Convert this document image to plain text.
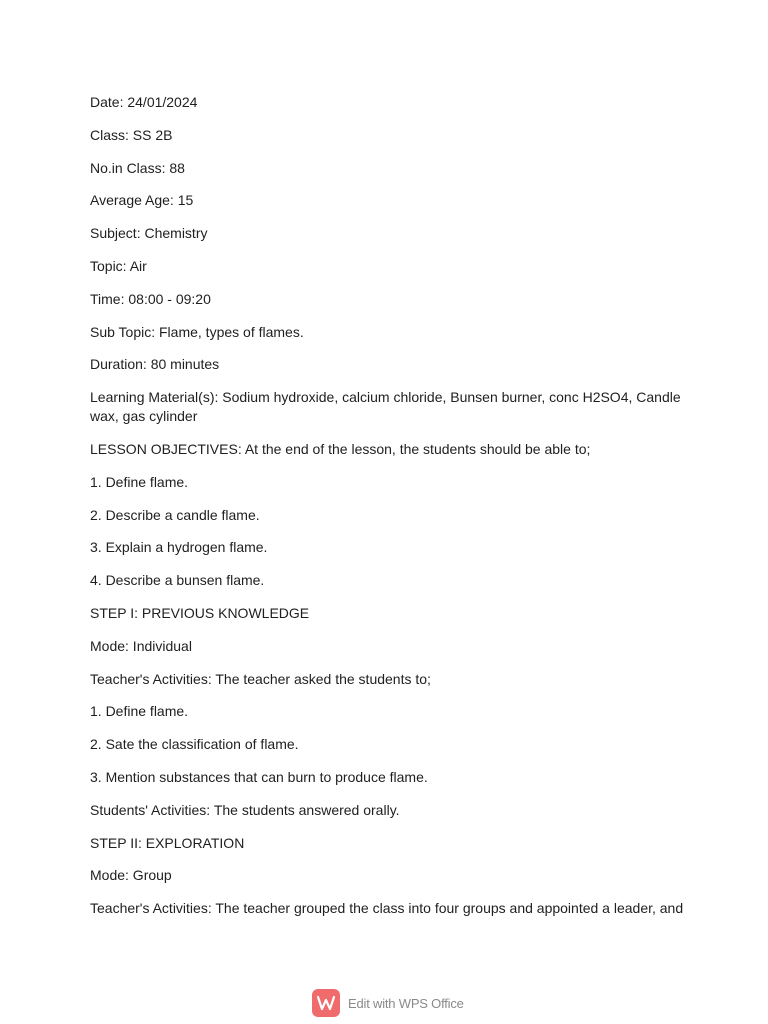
Date: 24/01/2024
Class: SS 2B
No.in Class: 88
Average Age: 15
Subject: Chemistry
Topic: Air
Time: 08:00 - 09:20
Sub Topic: Flame, types of flames.
Duration: 80 minutes
Learning Material(s): Sodium hydroxide, calcium chloride, Bunsen burner, conc H2SO4, Candle wax, gas cylinder
LESSON OBJECTIVES: At the end of the lesson, the students should be able to;
1. Define flame.
2. Describe a candle flame.
3. Explain a hydrogen flame.
4. Describe a bunsen flame.
STEP I: PREVIOUS KNOWLEDGE
Mode: Individual
Teacher's Activities: The teacher asked the students to;
1. Define flame.
2. Sate the classification of flame.
3. Mention substances that can burn to produce flame.
Students' Activities: The students answered orally.
STEP II: EXPLORATION
Mode: Group
Teacher's Activities: The teacher grouped the class into four groups and appointed a leader, and
Edit with WPS Office
